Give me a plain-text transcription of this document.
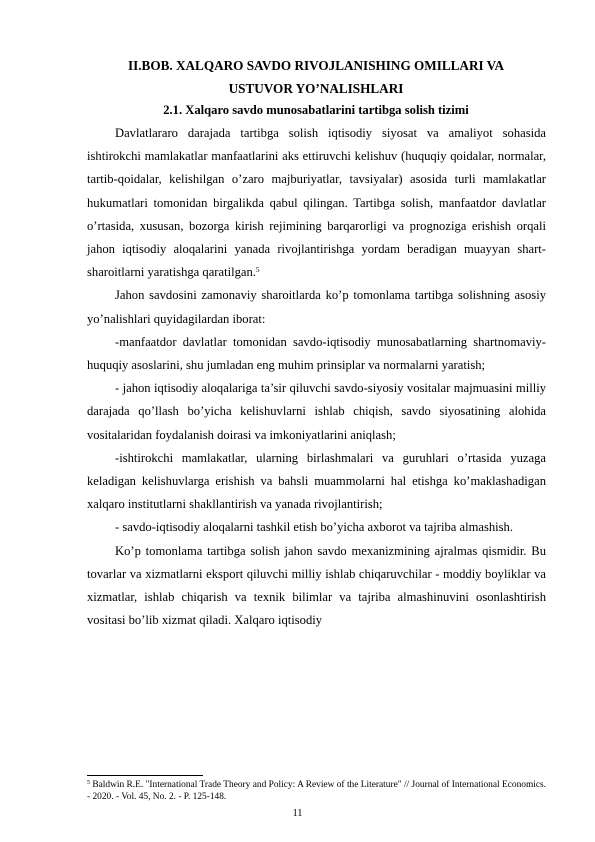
II.BOB. XALQARO SAVDO RIVOJLANISHING OMILLARI VA
USTUVOR YO’NALISHLARI
2.1. Xalqaro savdo munosabatlarini tartibga solish tizimi

Davlatlararo darajada tartibga solish iqtisodiy siyosat va amaliyot sohasida ishtirokchi mamlakatlar manfaatlarini aks ettiruvchi kelishuv (huquqiy qoidalar, normalar, tartib-qoidalar, kelishilgan o’zaro majburiyatlar, tavsiyalar) asosida turli mamlakatlar hukumatlari tomonidan birgalikda qabul qilingan. Tartibga solish, manfaatdor davlatlar o’rtasida, xususan, bozorga kirish rejimining barqarorligi va prognoziga erishish orqali jahon iqtisodiy aloqalarini yanada rivojlantirishga yordam beradigan muayyan shart-sharoitlarni yaratishga qaratilgan.$^5$

Jahon savdosini zamonaviy sharoitlarda ko’p tomonlama tartibga solishning asosiy yo’nalishlari quyidagilardan iborat:

-manfaatdor davlatlar tomonidan savdo-iqtisodiy munosabatlarning shartnomaviy-huquqiy asoslarini, shu jumladan eng muhim prinsiplar va normalarni yaratish;

- jahon iqtisodiy aloqalariga ta’sir qiluvchi savdo-siyosiy vositalar majmuasini milliy darajada qo’llash bo’yicha kelishuvlarni ishlab chiqish, savdo siyosatining alohida vositalaridan foydalanish doirasi va imkoniyatlarini aniqlash;

-ishtirokchi mamlakatlar, ularning birlashmalari va guruhlari o’rtasida yuzaga keladigan kelishuvlarga erishish va bahsli muammolarni hal etishga ko’maklashadigan xalqaro institutlarni shakllantirish va yanada rivojlantirish;

- savdo-iqtisodiy aloqalarni tashkil etish bo’yicha axborot va tajriba almashish.

Ko’p tomonlama tartibga solish jahon savdo mexanizmining ajralmas qismidir. Bu tovarlar va xizmatlarni eksport qiluvchi milliy ishlab chiqaruvchilar - moddiy boyliklar va xizmatlar, ishlab chiqarish va texnik bilimlar va tajriba almashinuvini osonlashtirish vositasi bo’lib xizmat qiladi. Xalqaro iqtisodiy

$^5$ Baldwin R.E. "International Trade Theory and Policy: A Review of the Literature" // Journal of International Economics. - 2020. - Vol. 45, No. 2. - P. 125-148.
11
